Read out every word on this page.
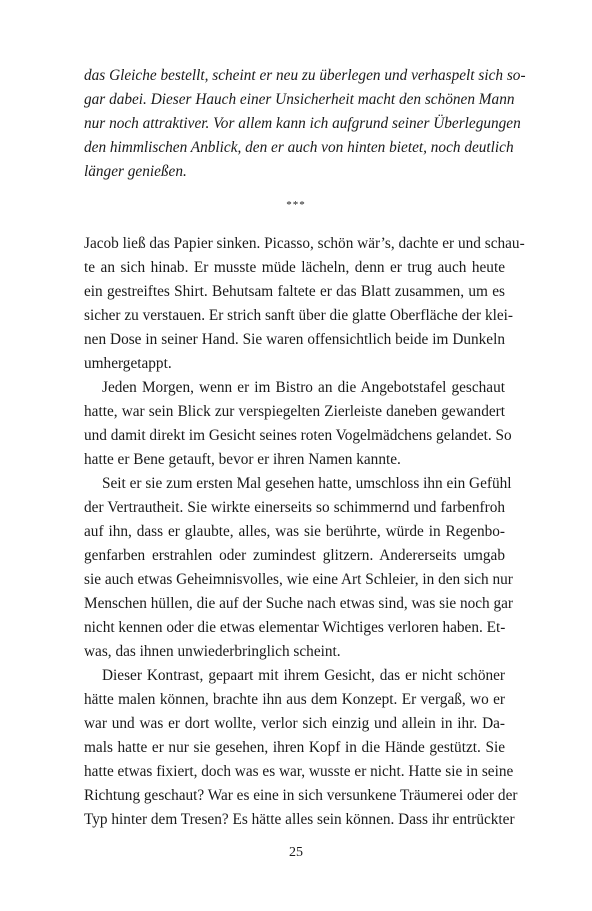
das Gleiche bestellt, scheint er neu zu überlegen und verhaspelt sich so-
gar dabei. Dieser Hauch einer Unsicherheit macht den schönen Mann
nur noch attraktiver. Vor allem kann ich aufgrund seiner Überlegungen
den himmlischen Anblick, den er auch von hinten bietet, noch deutlich
länger genießen.
***
Jacob ließ das Papier sinken. Picasso, schön wär’s, dachte er und schau-
te an sich hinab. Er musste müde lächeln, denn er trug auch heute
ein gestreiftes Shirt. Behutsam faltete er das Blatt zusammen, um es
sicher zu verstauen. Er strich sanft über die glatte Oberfläche der klei-
nen Dose in seiner Hand. Sie waren offensichtlich beide im Dunkeln
umhergetappt.
Jeden Morgen, wenn er im Bistro an die Angebotstafel geschaut
hatte, war sein Blick zur verspiegelten Zierleiste daneben gewandert
und damit direkt im Gesicht seines roten Vogelmädchens gelandet. So
hatte er Bene getauft, bevor er ihren Namen kannte.
Seit er sie zum ersten Mal gesehen hatte, umschloss ihn ein Gefühl
der Vertrautheit. Sie wirkte einerseits so schimmernd und farbenfroh
auf ihn, dass er glaubte, alles, was sie berührte, würde in Regenbo-
genfarben erstrahlen oder zumindest glitzern. Andererseits umgab
sie auch etwas Geheimnisvolles, wie eine Art Schleier, in den sich nur
Menschen hüllen, die auf der Suche nach etwas sind, was sie noch gar
nicht kennen oder die etwas elementar Wichtiges verloren haben. Et-
was, das ihnen unwiederbringlich scheint.
Dieser Kontrast, gepaart mit ihrem Gesicht, das er nicht schöner
hätte malen können, brachte ihn aus dem Konzept. Er vergaß, wo er
war und was er dort wollte, verlor sich einzig und allein in ihr. Da-
mals hatte er nur sie gesehen, ihren Kopf in die Hände gestützt. Sie
hatte etwas fixiert, doch was es war, wusste er nicht. Hatte sie in seine
Richtung geschaut? War es eine in sich versunkene Träumerei oder der
Typ hinter dem Tresen? Es hätte alles sein können. Dass ihr entrückter
25
